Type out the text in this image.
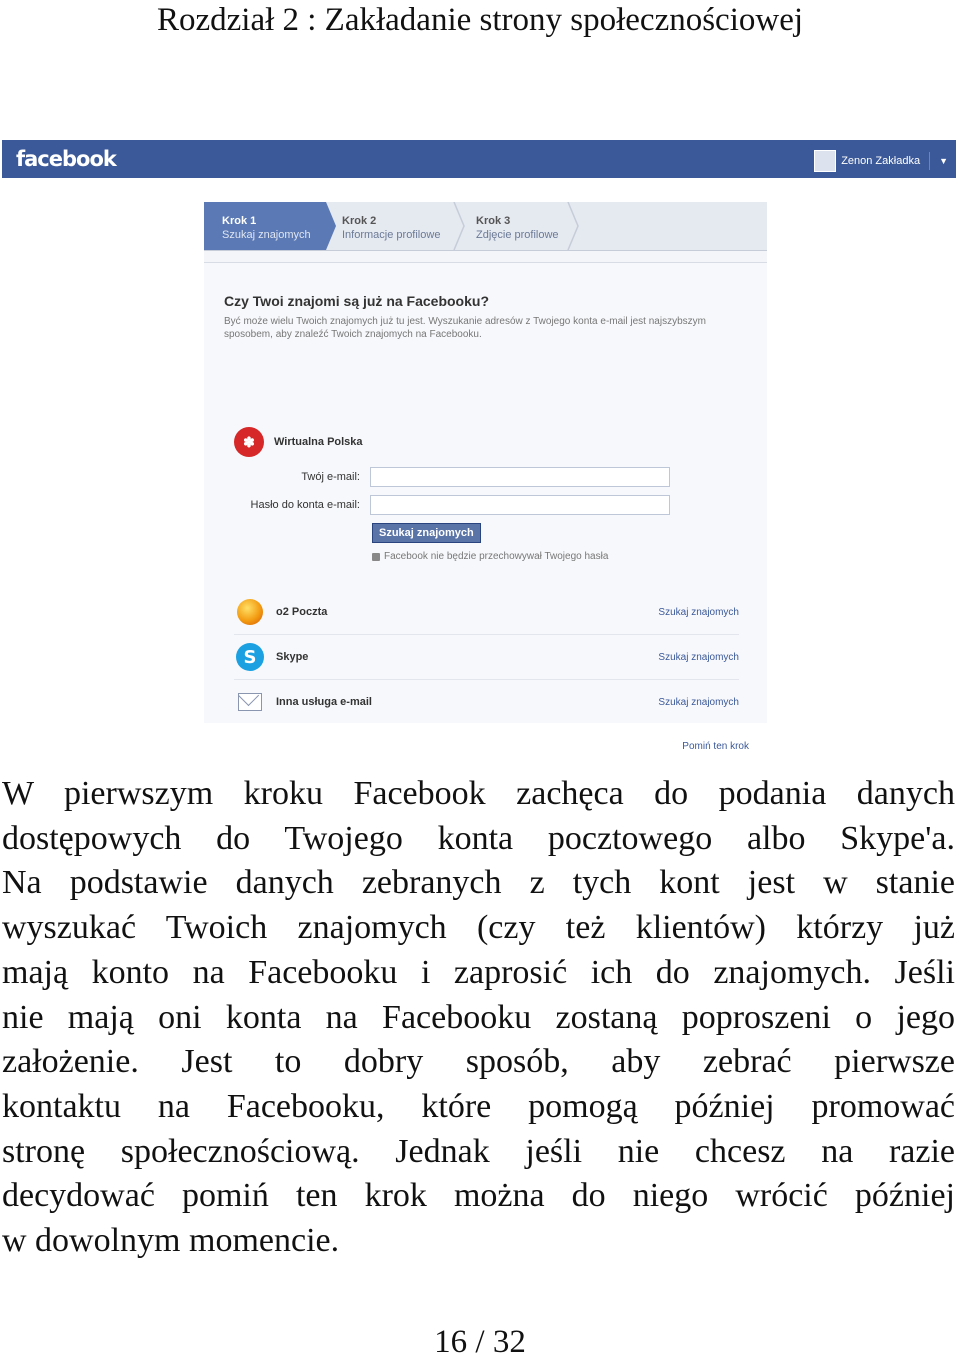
Rozdział 2 : Zakładanie strony społecznościowej
facebook	Zenon Zakładka ▼
Krok 1
Szukaj znajomych
Krok 2
Informacje profilowe
Krok 3
Zdjęcie profilowe
Czy Twoi znajomi są już na Facebooku?
Być może wielu Twoich znajomych już tu jest. Wyszukanie adresów z Twojego konta e-mail jest najszybszym sposobem, aby znaleźć Twoich znajomych na Facebooku.
✽	Wirtualna Polska
Twój e-mail:
Hasło do konta e-mail:
Szukaj znajomych
Facebook nie będzie przechowywał Twojego hasła
o2 Poczta	Szukaj znajomych
S	Skype	Szukaj znajomych
Inna usługa e-mail	Szukaj znajomych
Pomiń ten krok
W pierwszym kroku Facebook zachęca do podania danych
dostępowych do Twojego konta pocztowego albo Skype'a.
Na podstawie danych zebranych z tych kont jest w stanie
wyszukać Twoich znajomych (czy też klientów) którzy już
mają konto na Facebooku i zaprosić ich do znajomych. Jeśli
nie mają oni konta na Facebooku zostaną poproszeni o jego
założenie. Jest to dobry sposób, aby zebrać pierwsze
kontaktu na Facebooku, które pomogą później promować
stronę społecznościową. Jednak jeśli nie chcesz na razie
decydować pomiń ten krok można do niego wrócić później
w dowolnym momencie.
16 / 32
